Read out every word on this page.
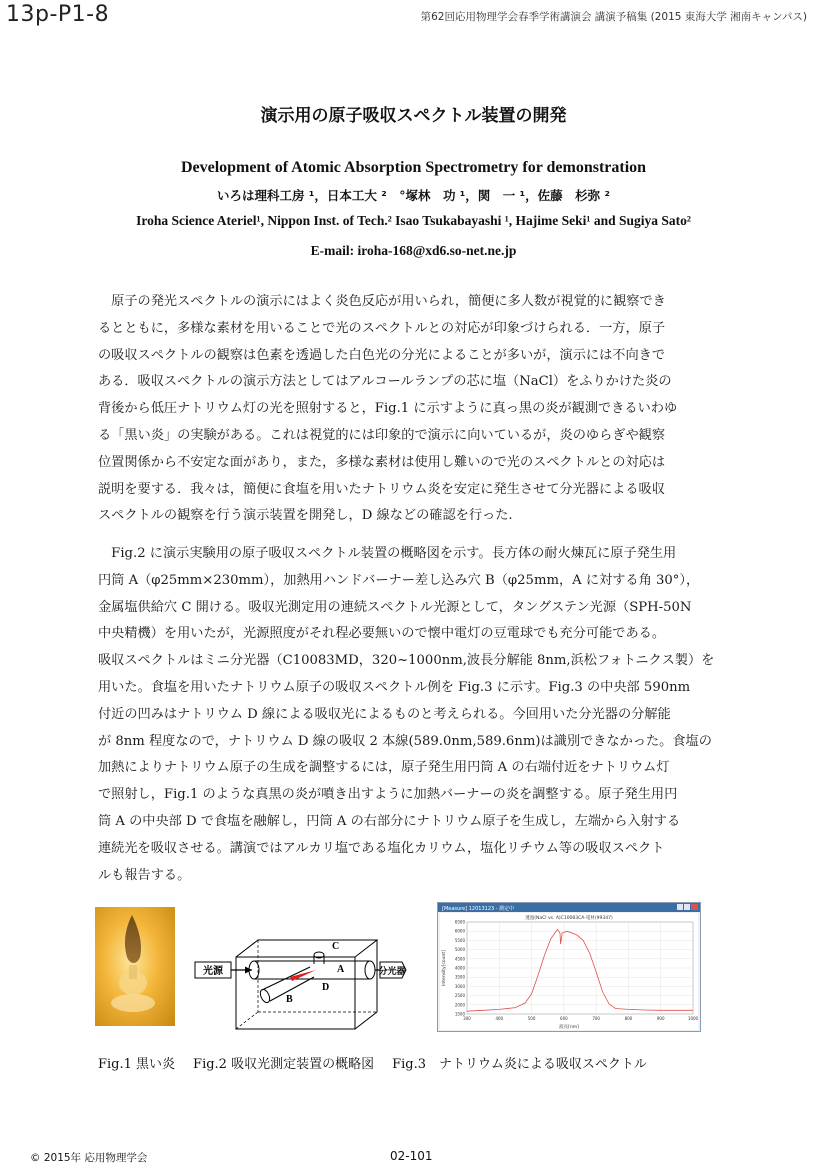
13p-P1-8	第62回応用物理学会春季学術講演会 講演予稿集 (2015 東海大学 湘南キャンパス)
演示用の原子吸収スペクトル装置の開発
Development of Atomic Absorption Spectrometry for demonstration
いろは理科工房 ¹，日本工大 ²　°塚林　功 ¹，関　一 ¹，佐藤　杉弥 ²
Iroha Science Ateriel¹, Nippon Inst. of Tech.² Isao Tsukabayashi ¹, Hajime Seki¹ and Sugiya Sato²
E-mail: iroha-168@xd6.so-net.ne.jp
　原子の発光スペクトルの演示にはよく炎色反応が用いられ，簡便に多人数が視覚的に観察でき
るとともに，多様な素材を用いることで光のスペクトルとの対応が印象づけられる．一方，原子
の吸収スペクトルの観察は色素を透過した白色光の分光によることが多いが，演示には不向きで
ある．吸収スペクトルの演示方法としてはアルコールランプの芯に塩（NaCl）をふりかけた炎の
背後から低圧ナトリウム灯の光を照射すると，Fig.1 に示すように真っ黒の炎が観測できるいわゆ
る「黒い炎」の実験がある。これは視覚的には印象的で演示に向いているが，炎のゆらぎや観察
位置関係から不安定な面があり，また，多様な素材は使用し難いので光のスペクトルとの対応は
説明を要する．我々は，簡便に食塩を用いたナトリウム炎を安定に発生させて分光器による吸収
スペクトルの観察を行う演示装置を開発し，D 線などの確認を行った.
　Fig.2 に演示実験用の原子吸収スペクトル装置の概略図を示す。長方体の耐火煉瓦に原子発生用
円筒 A（φ25mm×230mm），加熱用ハンドバーナー差し込み穴 B（φ25mm，A に対する角 30°），
金属塩供給穴 C 開ける。吸収光測定用の連続スペクトル光源として，タングステン光源（SPH-50N
中央精機）を用いたが，光源照度がそれ程必要無いので懐中電灯の豆電球でも充分可能である。
吸収スペクトルはミニ分光器（C10083MD，320~1000nm,波長分解能 8nm,浜松フォトニクス製）を
用いた。食塩を用いたナトリウム原子の吸収スペクトル例を Fig.3 に示す。Fig.3 の中央部 590nm
付近の凹みはナトリウム D 線による吸収光によるものと考えられる。今回用いた分光器の分解能
が 8nm 程度なので，ナトリウム D 線の吸収 2 本線(589.0nm,589.6nm)は識別できなかった。食塩の
加熱によりナトリウム原子の生成を調整するには，原子発生用円筒 A の右端付近をナトリウム灯
で照射し，Fig.1 のような真黒の炎が噴き出すように加熱バーナーの炎を調整する。原子発生用円
筒 A の中央部 D で食塩を融解し，円筒 A の右部分にナトリウム原子を生成し，左端から入射する
連続光を吸収させる。講演ではアルカリ塩である塩化カリウム，塩化リチウム等の吸収スペクト
ルも報告する。
光源	分光器
C
A
B
D
[Measure] 12013123 - 測定中
透過(NaCl vs. A)C10083CA-電材(99347)
波長[nm]
Intensity[count]
1500
2000
2500
3000
3500
4000
4500
5000
5500
6000
6500
300	400	500	600	700	800	900	1000
Fig.1 黒い炎 Fig.2 吸収光測定装置の概略図 Fig.3　ナトリウム炎による吸収スペクトル
© 2015年 応用物理学会	02-101
